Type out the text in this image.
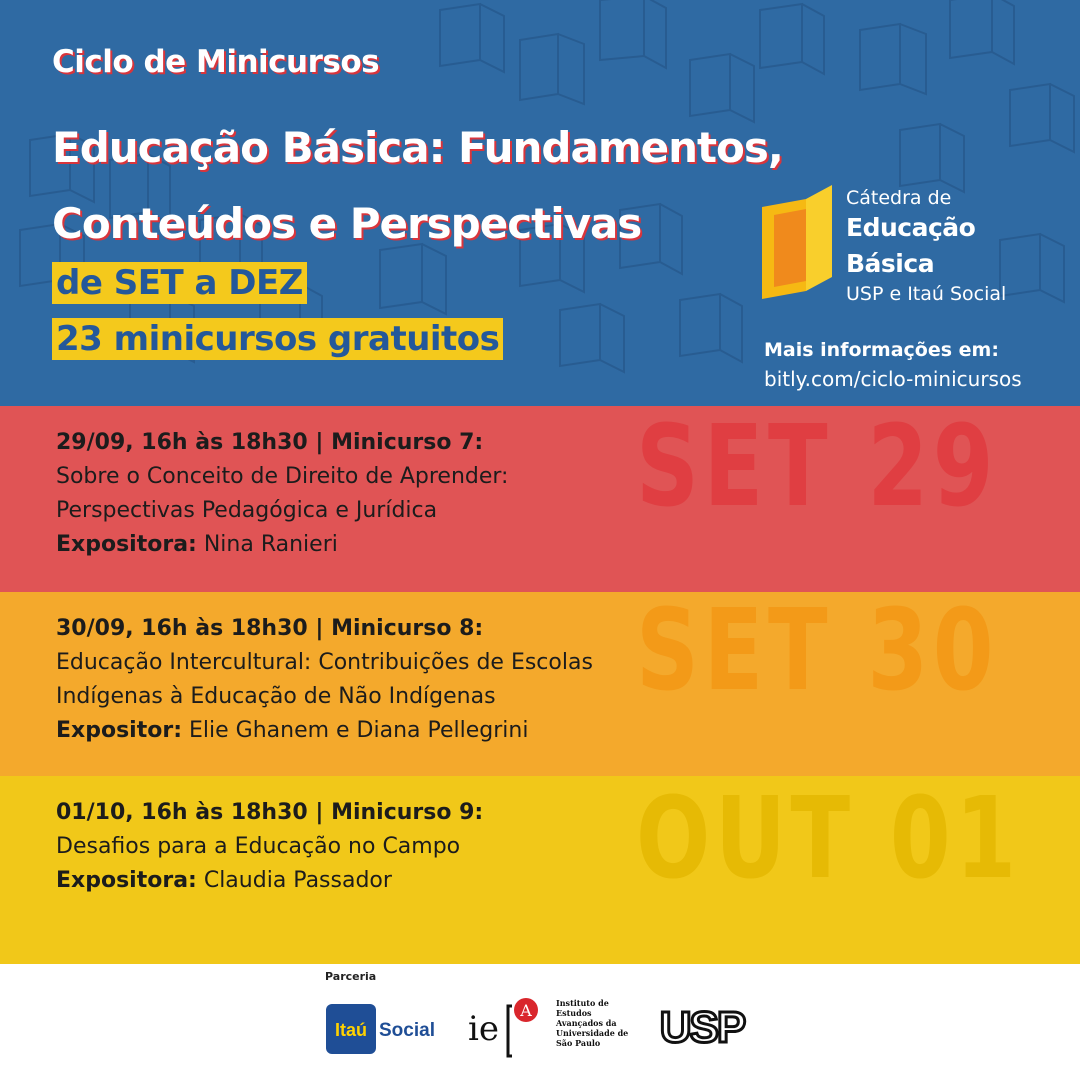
Ciclo de Minicursos
Educação Básica: Fundamentos,
Conteúdos e Perspectivas
de SET a DEZ
23 minicursos gratuitos
Cátedra de
Educação
Básica
USP e Itaú Social
Mais informações em:
bitly.com/ciclo-minicursos
SET 29
29/09, 16h às 18h30 | Minicurso 7:
Sobre o Conceito de Direito de Aprender:
Perspectivas Pedagógica e Jurídica
Expositora: Nina Ranieri
SET 30
30/09, 16h às 18h30 | Minicurso 8:
Educação Intercultural: Contribuições de Escolas
Indígenas à Educação de Não Indígenas
Expositor: Elie Ghanem e Diana Pellegrini
OUT 01
01/10, 16h às 18h30 | Minicurso 9:
Desafios para a Educação no Campo
Expositora: Claudia Passador
Parceria
Itaú Social ie A	Instituto de
Estudos
Avançados da
Universidade de
São Paulo USP
